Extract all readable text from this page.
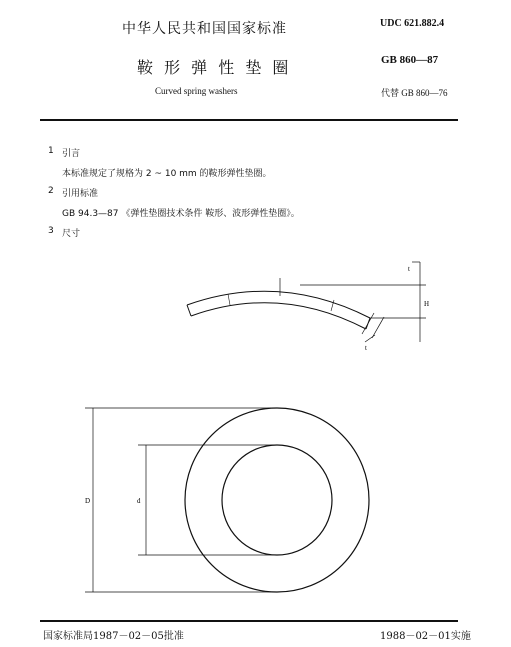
中华人民共和国国家标准	UDC 621.882.4
鞍 形 弹 性 垫 圈	GB 860—87
Curved spring washers	代替 GB 860—76
1 引言
本标准规定了规格为 2 ~ 10 mm 的鞍形弹性垫圈。
2 引用标准
GB 94.3—87 《弹性垫圈技术条件 鞍形、波形弹性垫圈》。
3 尺寸
t
H
t
D	d
国家标准局1987－02－05批准	1988－02－01实施
